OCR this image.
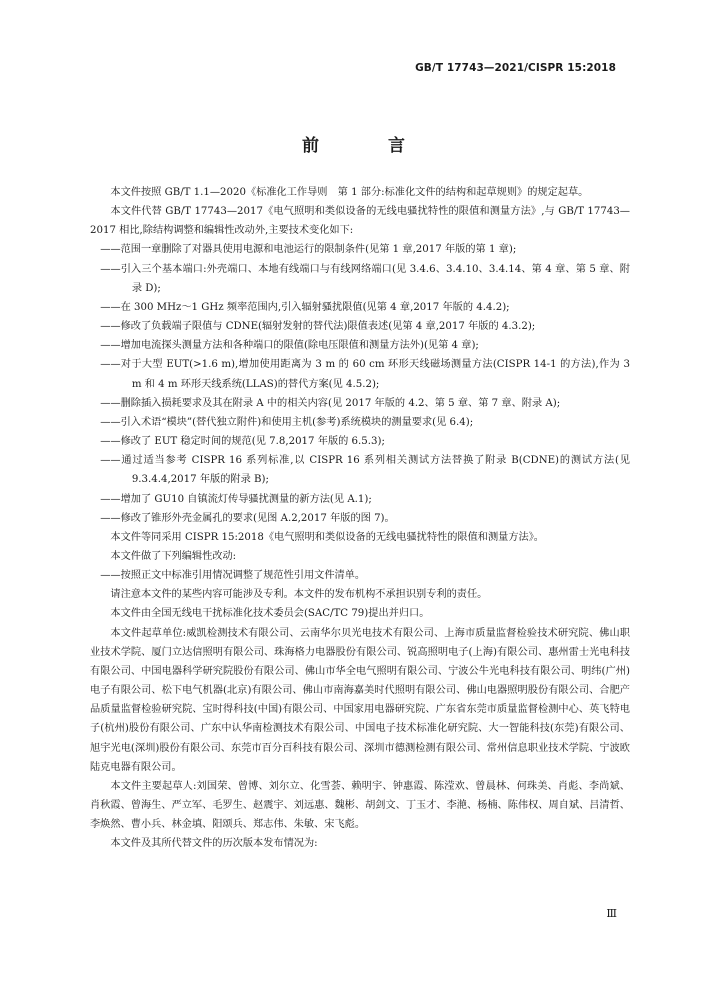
GB/T 17743—2021/CISPR 15:2018
前　言

本文件按照 GB/T 1.1—2020《标准化工作导则　第 1 部分:标准化文件的结构和起草规则》的规定起草。

本文件代替 GB/T 17743—2017《电气照明和类似设备的无线电骚扰特性的限值和测量方法》,与 GB/T 17743—2017 相比,除结构调整和编辑性改动外,主要技术变化如下:

——范围一章删除了对器具使用电源和电池运行的限制条件(见第 1 章,2017 年版的第 1 章);

——引入三个基本端口:外壳端口、本地有线端口与有线网络端口(见 3.4.6、3.4.10、3.4.14、第 4 章、第 5 章、附录 D);

——在 300 MHz～1 GHz 频率范围内,引入辐射骚扰限值(见第 4 章,2017 年版的 4.4.2);

——修改了负载端子限值与 CDNE(辐射发射的替代法)限值表述(见第 4 章,2017 年版的 4.3.2);

——增加电流探头测量方法和各种端口的限值(除电压限值和测量方法外)(见第 4 章);

——对于大型 EUT(>1.6 m),增加使用距离为 3 m 的 60 cm 环形天线磁场测量方法(CISPR 14-1 的方法),作为 3 m 和 4 m 环形天线系统(LLAS)的替代方案(见 4.5.2);

——删除插入损耗要求及其在附录 A 中的相关内容(见 2017 年版的 4.2、第 5 章、第 7 章、附录 A);

——引入术语“模块”(替代独立附件)和使用主机(参考)系统模块的测量要求(见 6.4);

——修改了 EUT 稳定时间的规范(见 7.8,2017 年版的 6.5.3);

——通过适当参考 CISPR 16 系列标准,以 CISPR 16 系列相关测试方法替换了附录 B(CDNE)的测试方法(见 9.3.4.4,2017 年版的附录 B);

——增加了 GU10 自镇流灯传导骚扰测量的新方法(见 A.1);

——修改了锥形外壳金属孔的要求(见图 A.2,2017 年版的图 7)。

本文件等同采用 CISPR 15:2018《电气照明和类似设备的无线电骚扰特性的限值和测量方法》。

本文件做了下列编辑性改动:

——按照正文中标准引用情况调整了规范性引用文件清单。

请注意本文件的某些内容可能涉及专利。本文件的发布机构不承担识别专利的责任。

本文件由全国无线电干扰标准化技术委员会(SAC/TC 79)提出并归口。

本文件起草单位:威凯检测技术有限公司、云南华尔贝光电技术有限公司、上海市质量监督检验技术研究院、佛山职业技术学院、厦门立达信照明有限公司、珠海格力电器股份有限公司、锐高照明电子(上海)有限公司、惠州雷士光电科技有限公司、中国电器科学研究院股份有限公司、佛山市华全电气照明有限公司、宁波公牛光电科技有限公司、明纬(广州)电子有限公司、松下电气机器(北京)有限公司、佛山市南海嘉美时代照明有限公司、佛山电器照明股份有限公司、合肥产品质量监督检验研究院、宝时得科技(中国)有限公司、中国家用电器研究院、广东省东莞市质量监督检测中心、英飞特电子(杭州)股份有限公司、广东中认华南检测技术有限公司、中国电子技术标准化研究院、大一智能科技(东莞)有限公司、旭宇光电(深圳)股份有限公司、东莞市百分百科技有限公司、深圳市德测检测有限公司、常州信息职业技术学院、宁波欧陆克电器有限公司。

本文件主要起草人:刘国荣、曾博、刘尔立、化雪荟、赖明宇、钟惠霞、陈滢欢、曾晨林、何珠美、肖彪、李尚斌、肖秋霞、曾海生、严立军、毛罗生、赵震宇、刘远惠、魏彬、胡剑文、丁玉才、李滟、杨楠、陈伟权、周自斌、吕清哲、李焕然、曹小兵、林金填、阳颂兵、郑志伟、朱敏、宋飞彪。

本文件及其所代替文件的历次版本发布情况为:

Ⅲ
